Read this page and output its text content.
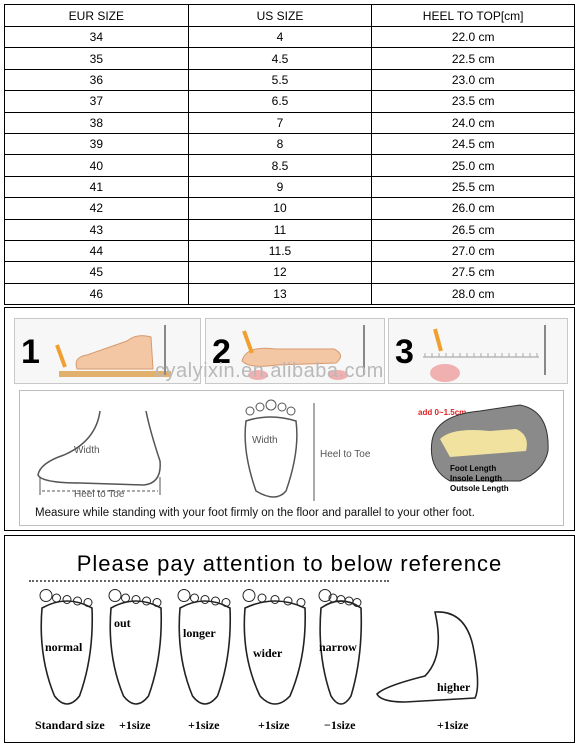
EUR SIZE	US SIZE	HEEL TO TOP[cm]
34	4	22.0 cm
35	4.5	22.5 cm
36	5.5	23.0 cm
37	6.5	23.5 cm
38	7	24.0 cm
39	8	24.5 cm
40	8.5	25.0 cm
41	9	25.5 cm
42	10	26.0 cm
43	11	26.5 cm
44	11.5	27.0 cm
45	12	27.5 cm
46	13	28.0 cm
1	2	3
cyalyixin.en.alibaba.com
Width
Heel to Toe
Width
Heel to Toe
add 0~1.5cm
Foot Length
Insole Length
Outsole Length
Measure while standing with your foot firmly on the floor and parallel to your other foot.
Please pay attention to below reference
normal
Standard size
out
+1size
longer
+1size
wider
+1size
narrow
−1size
higher
+1size
